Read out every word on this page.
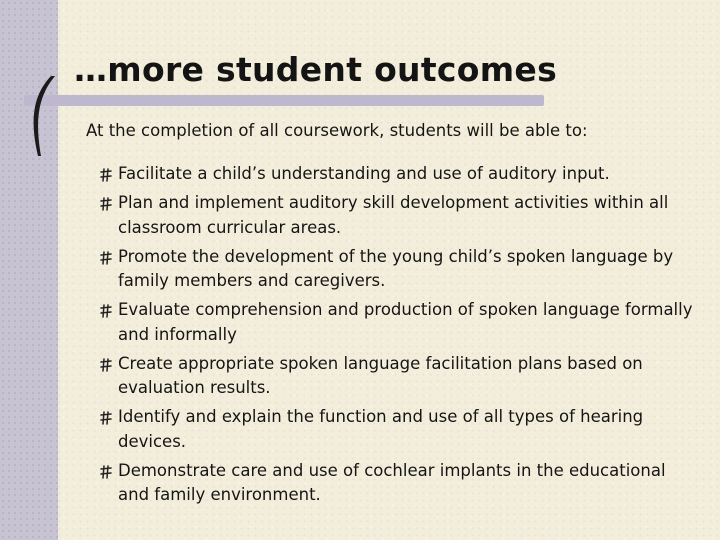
…more student outcomes

At the completion of all coursework, students will be able to:

Facilitate a child’s understanding and use of auditory input.
Plan and implement auditory skill development activities within all classroom curricular areas.
Promote the development of the young child’s spoken language by family members and caregivers.
Evaluate comprehension and production of spoken language formally and informally
Create appropriate spoken language facilitation plans based on evaluation results.
Identify and explain the function and use of all types of hearing devices.
Demonstrate care and use of cochlear implants in the educational and family environment.
